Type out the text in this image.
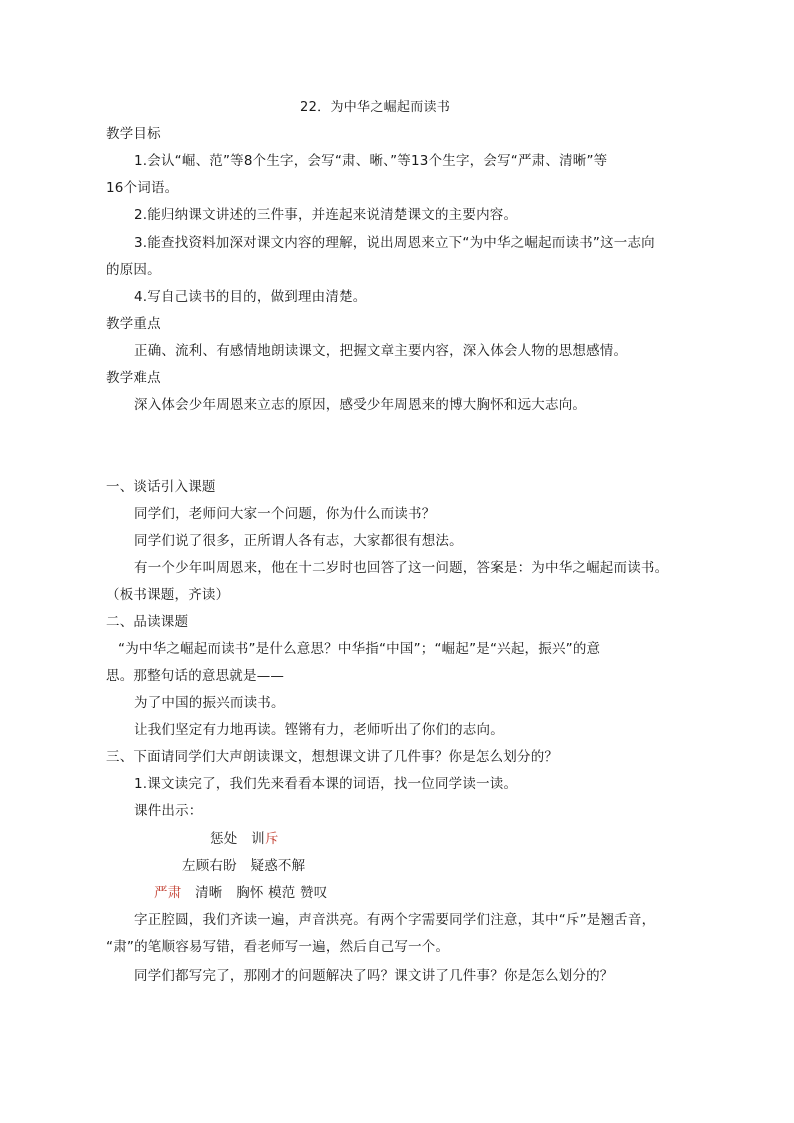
22．为中华之崛起而读书
教学目标
1.会认“崛、范”等8个生字，会写“肃、晰、”等13个生字，会写“严肃、清晰”等
16个词语。
2.能归纳课文讲述的三件事，并连起来说清楚课文的主要内容。
3.能查找资料加深对课文内容的理解，说出周恩来立下“为中华之崛起而读书”这一志向
的原因。
4.写自己读书的目的，做到理由清楚。
教学重点
正确、流利、有感情地朗读课文，把握文章主要内容，深入体会人物的思想感情。
教学难点
深入体会少年周恩来立志的原因，感受少年周恩来的博大胸怀和远大志向。
一、谈话引入课题
同学们，老师问大家一个问题，你为什么而读书？
同学们说了很多，正所谓人各有志，大家都很有想法。
有一个少年叫周恩来，他在十二岁时也回答了这一问题，答案是：为中华之崛起而读书。
（板书课题，齐读）
二、品读课题
“为中华之崛起而读书”是什么意思？中华指“中国”；“崛起”是“兴起，振兴”的意
思。那整句话的意思就是——
为了中国的振兴而读书。
让我们坚定有力地再读。铿锵有力，老师听出了你们的志向。
三、下面请同学们大声朗读课文，想想课文讲了几件事？你是怎么划分的？
1.课文读完了，我们先来看看本课的词语，找一位同学读一读。
课件出示：
惩处　 训斥
左顾右盼　疑惑不解
严肃　清晰　胸怀 模范 赞叹
字正腔圆，我们齐读一遍，声音洪亮。有两个字需要同学们注意，其中“斥”是翘舌音，
“肃”的笔顺容易写错，看老师写一遍，然后自己写一个。
同学们都写完了，那刚才的问题解决了吗？课文讲了几件事？你是怎么划分的？
